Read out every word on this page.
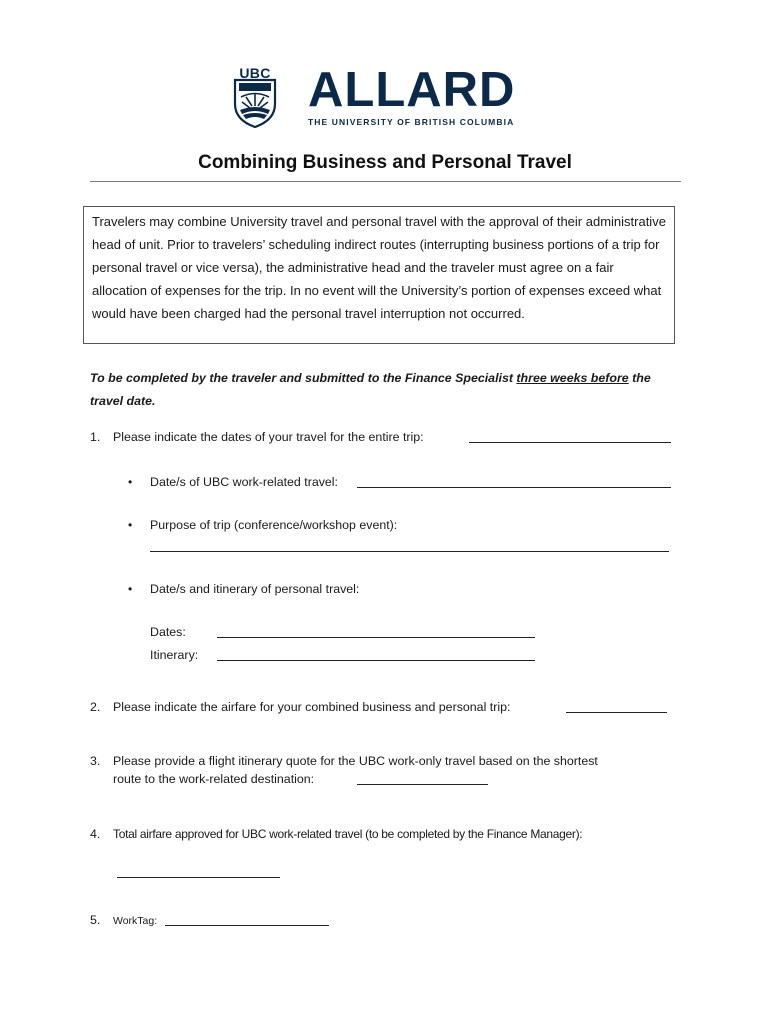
UBC ALLARD
THE UNIVERSITY OF BRITISH COLUMBIA
Combining Business and Personal Travel
Travelers may combine University travel and personal travel with the approval of their administrative head of unit. Prior to travelers’ scheduling indirect routes (interrupting business portions of a trip for personal travel or vice versa), the administrative head and the traveler must agree on a fair allocation of expenses for the trip. In no event will the University’s portion of expenses exceed what would have been charged had the personal travel interruption not occurred.
To be completed by the traveler and submitted to the Finance Specialist three weeks before the travel date.
1. Please indicate the dates of your travel for the entire trip:
• Date/s of UBC work-related travel:
• Purpose of trip (conference/workshop event):
• Date/s and itinerary of personal travel:
Dates:
Itinerary:
2. Please indicate the airfare for your combined business and personal trip:
3. Please provide a flight itinerary quote for the UBC work-only travel based on the shortest
route to the work-related destination:
4. Total airfare approved for UBC work-related travel (to be completed by the Finance Manager):
5. WorkTag:
